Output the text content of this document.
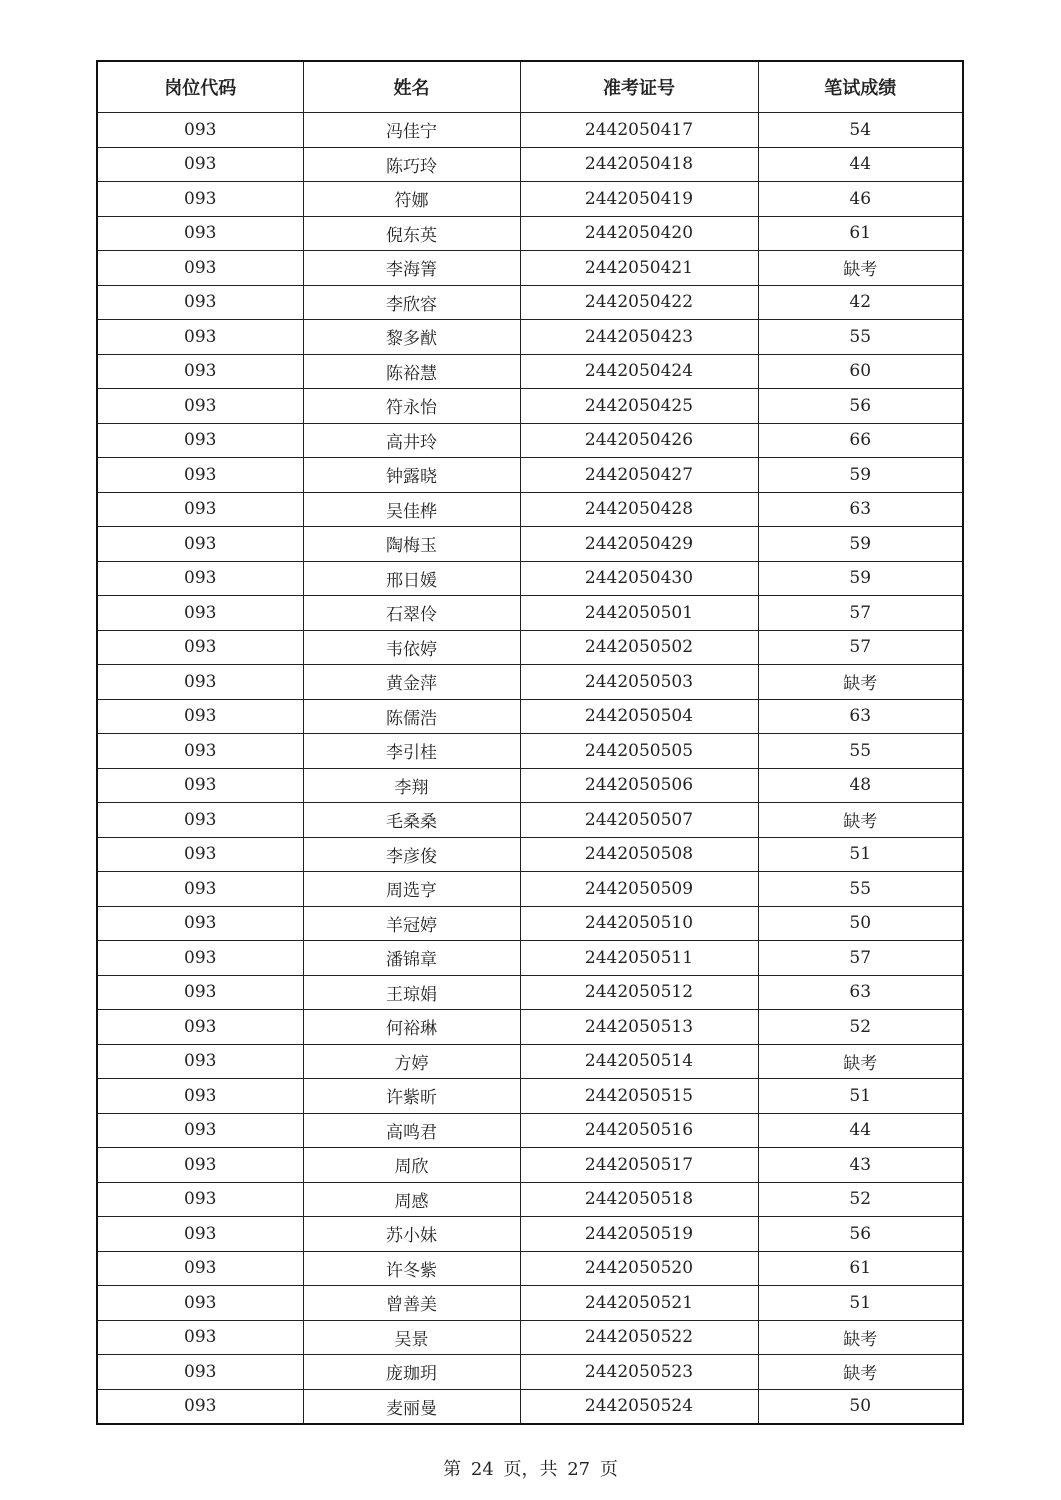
岗位代码	姓名	准考证号	笔试成绩
093	冯佳宁	2442050417	54
093	陈巧玲	2442050418	44
093	符娜	2442050419	46
093	倪东英	2442050420	61
093	李海箐	2442050421	缺考
093	李欣容	2442050422	42
093	黎多猷	2442050423	55
093	陈裕慧	2442050424	60
093	符永怡	2442050425	56
093	高井玲	2442050426	66
093	钟露晓	2442050427	59
093	吴佳桦	2442050428	63
093	陶梅玉	2442050429	59
093	邢日媛	2442050430	59
093	石翠伶	2442050501	57
093	韦依婷	2442050502	57
093	黄金萍	2442050503	缺考
093	陈儒浩	2442050504	63
093	李引桂	2442050505	55
093	李翔	2442050506	48
093	毛桑桑	2442050507	缺考
093	李彦俊	2442050508	51
093	周选亨	2442050509	55
093	羊冠婷	2442050510	50
093	潘锦章	2442050511	57
093	王琼娟	2442050512	63
093	何裕琳	2442050513	52
093	方婷	2442050514	缺考
093	许紫昕	2442050515	51
093	高鸣君	2442050516	44
093	周欣	2442050517	43
093	周感	2442050518	52
093	苏小妹	2442050519	56
093	许冬紫	2442050520	61
093	曾善美	2442050521	51
093	吴景	2442050522	缺考
093	庞珈玥	2442050523	缺考
093	麦丽曼	2442050524	50
第 24 页，共 27 页
